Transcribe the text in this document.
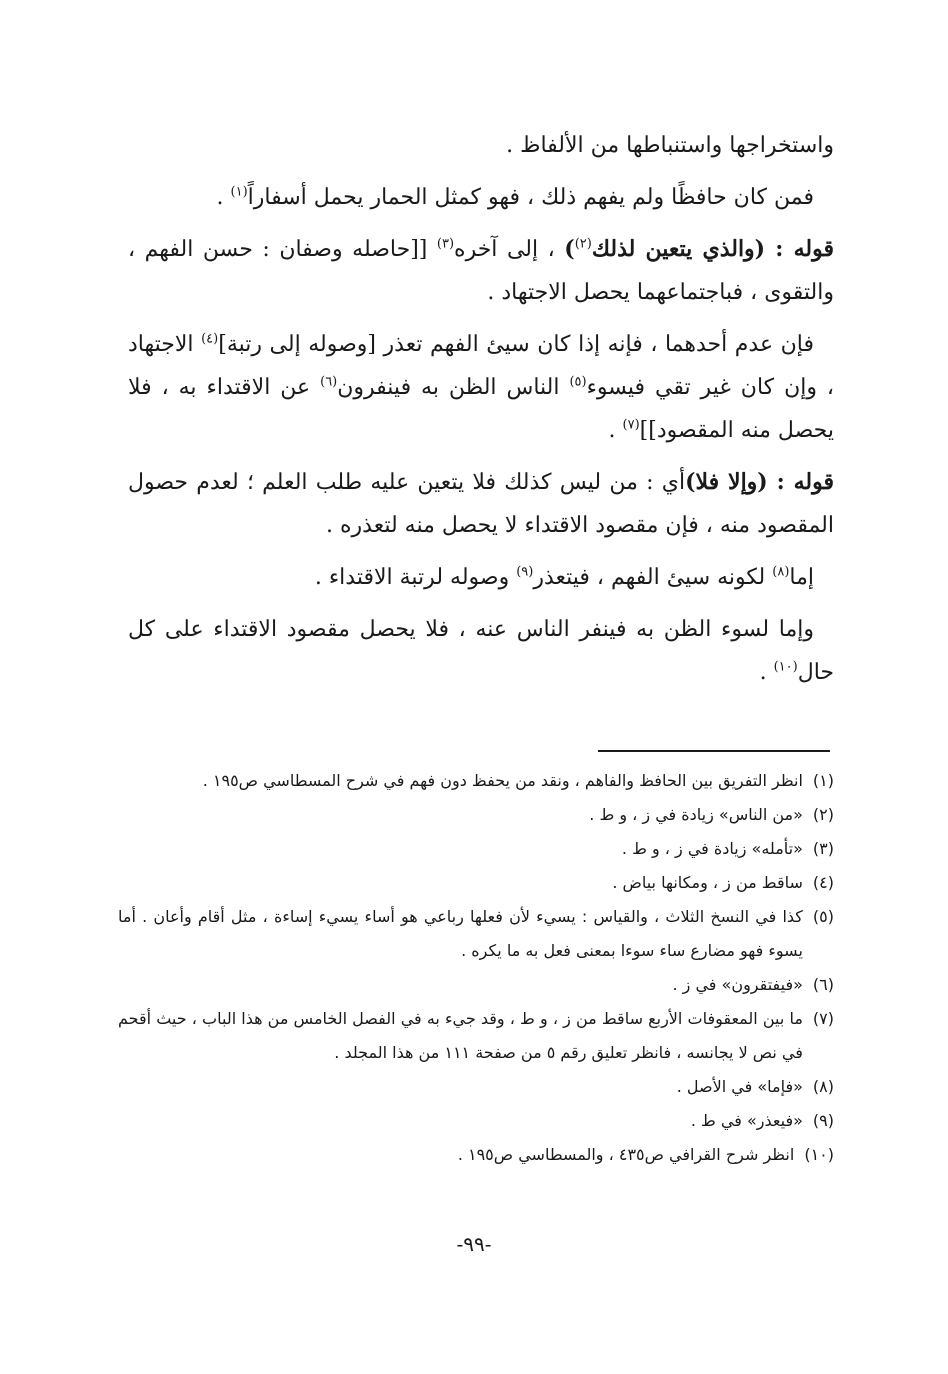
واستخراجها واستنباطها من الألفاظ .

فمن كان حافظًا ولم يفهم ذلك ، فهو كمثل الحمار يحمل أسفاراً$^{(١)}$ .

قوله : (والذي يتعين لذلك$^{(٢)}$) ، إلى آخره$^{(٣)}$ [[حاصله وصفان : حسن الفهم ، والتقوى ، فباجتماعهما يحصل الاجتهاد .

فإن عدم أحدهما ، فإنه إذا كان سيئ الفهم تعذر [وصوله إلى رتبة]$^{(٤)}$ الاجتهاد ، وإن كان غير تقي فيسوء$^{(٥)}$ الناس الظن به فينفرون$^{(٦)}$ عن الاقتداء به ، فلا يحصل منه المقصود]]$^{(٧)}$ .

قوله : (وإلا فلا)أي : من ليس كذلك فلا يتعين عليه طلب العلم ؛ لعدم حصول المقصود منه ، فإن مقصود الاقتداء لا يحصل منه لتعذره .

إما$^{(٨)}$ لكونه سيئ الفهم ، فيتعذر$^{(٩)}$ وصوله لرتبة الاقتداء .

وإما لسوء الظن به فينفر الناس عنه ، فلا يحصل مقصود الاقتداء على كل حال$^{(١٠)}$ .

(١)
انظر التفريق بين الحافظ والفاهم ، ونقد من يحفظ دون فهم في شرح المسطاسي ص١٩٥ .
(٢)
«من الناس» زيادة في ز ، و ط .
(٣)
«تأمله» زيادة في ز ، و ط .
(٤)
ساقط من ز ، ومكانها بياض .
(٥)
كذا في النسخ الثلاث ، والقياس : يسيء لأن فعلها رباعي هو أساء يسيء إساءة ، مثل أقام وأعان . أما يسوء فهو مضارع ساء سوءا بمعنى فعل به ما يكره .
(٦)
«فيفتقرون» في ز .
(٧)
ما بين المعقوفات الأربع ساقط من ز ، و ط ، وقد جيء به في الفصل الخامس من هذا الباب ، حيث أقحم في نص لا يجانسه ، فانظر تعليق رقم ٥ من صفحة ١١١ من هذا المجلد .
(٨)
«فإما» في الأصل .
(٩)
«فيعذر» في ط .
(١٠)
انظر شرح القرافي ص٤٣٥ ، والمسطاسي ص١٩٥ .
-٩٩-
